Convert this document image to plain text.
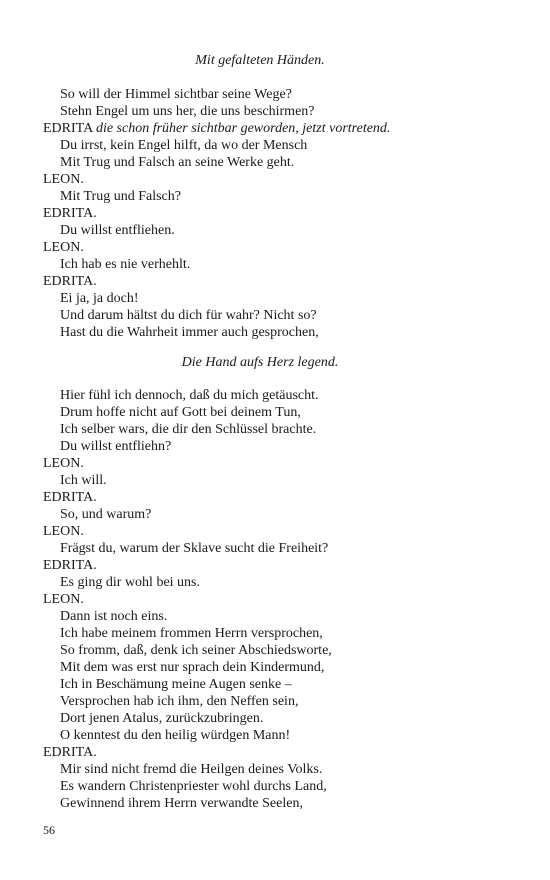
Mit gefalteten Händen.
So will der Himmel sichtbar seine Wege?
Stehn Engel um uns her, die uns beschirmen?
EDRITA die schon früher sichtbar geworden, jetzt vortretend.
Du irrst, kein Engel hilft, da wo der Mensch
Mit Trug und Falsch an seine Werke geht.
LEON.
Mit Trug und Falsch?
EDRITA.
Du willst entfliehen.
LEON.
Ich hab es nie verhehlt.
EDRITA.
Ei ja, ja doch!
Und darum hältst du dich für wahr? Nicht so?
Hast du die Wahrheit immer auch gesprochen,
Die Hand aufs Herz legend.
Hier fühl ich dennoch, daß du mich getäuscht.
Drum hoffe nicht auf Gott bei deinem Tun,
Ich selber wars, die dir den Schlüssel brachte.
Du willst entfliehn?
LEON.
Ich will.
EDRITA.
So, und warum?
LEON.
Frägst du, warum der Sklave sucht die Freiheit?
EDRITA.
Es ging dir wohl bei uns.
LEON.
Dann ist noch eins.
Ich habe meinem frommen Herrn versprochen,
So fromm, daß, denk ich seiner Abschiedsworte,
Mit dem was erst nur sprach dein Kindermund,
Ich in Beschämung meine Augen senke –
Versprochen hab ich ihm, den Neffen sein,
Dort jenen Atalus, zurückzubringen.
O kenntest du den heilig würdgen Mann!
EDRITA.
Mir sind nicht fremd die Heilgen deines Volks.
Es wandern Christenpriester wohl durchs Land,
Gewinnend ihrem Herrn verwandte Seelen,
56
